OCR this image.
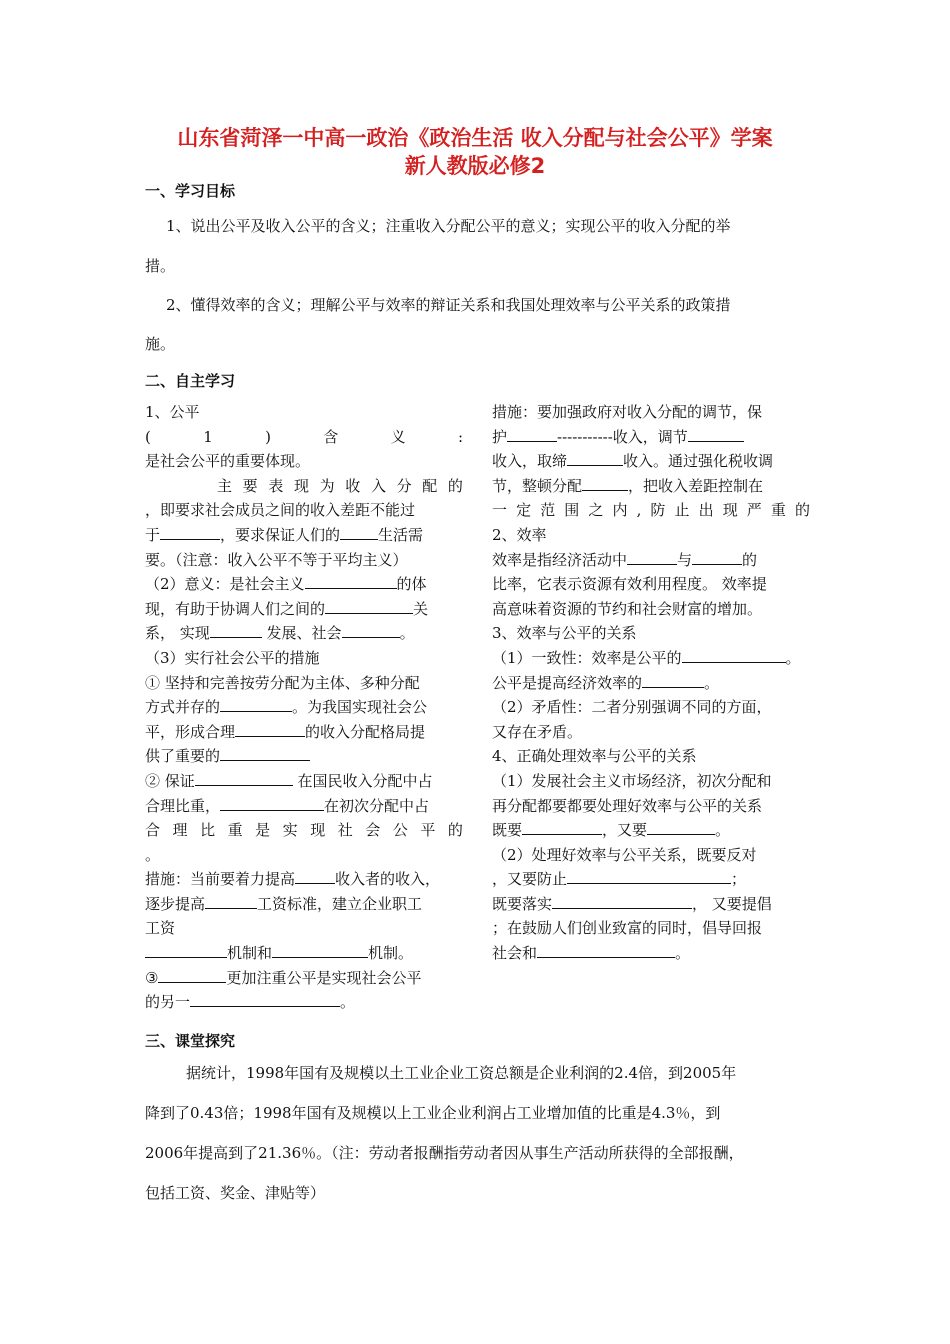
山东省菏泽一中高一政治《政治生活 收入分配与社会公平》学案
新人教版必修2
一、学习目标
1、说出公平及收入公平的含义；注重收入分配公平的意义；实现公平的收入分配的举
措。
2、懂得效率的含义；理解公平与效率的辩证关系和我国处理效率与公平关系的政策措
施。
二、自主学习
1、公平
(	1	)	含	义	:
是社会公平的重要体现。
主 要 表 现 为 收 入 分 配 的
，即要求社会成员之间的收入差距不能过
于	，要求保证人们的	生活需
要。（注意：收入公平不等于平均主义）
（2）意义：是社会主义	的体
现，有助于协调人们之间的	关
系， 实现	发展、社会	。
（3）实行社会公平的措施
① 坚持和完善按劳分配为主体、多种分配
方式并存的	。为我国实现社会公
平，形成合理	的收入分配格局提
供了重要的
② 保证	在国民收入分配中占
合理比重，	在初次分配中占
合 理 比 重 是 实 现 社 会 公 平 的
。
措施：当前要着力提高	收入者的收入，
逐步提高	工资标准，建立企业职工
工资
机制和	机制。
③	更加注重公平是实现社会公平
的另一	。
措施：要加强政府对收入分配的调节，保
护	-----------收入，调节
收入，取缔	收入。通过强化税收调
节，整顿分配	，把收入差距控制在
一 定 范 围 之 内 , 防 止 出 现 严 重 的
2、效率
效率是指经济活动中	与	的
比率，它表示资源有效利用程度。 效率提
高意味着资源的节约和社会财富的增加。
3、效率与公平的关系
（1）一致性：效率是公平的	。
公平是提高经济效率的	。
（2）矛盾性：二者分别强调不同的方面，
又存在矛盾。
4、正确处理效率与公平的关系
（1）发展社会主义市场经济，初次分配和
再分配都要都要处理好效率与公平的关系
既要	，又要	。
（2）处理好效率与公平关系，既要反对
，又要防止	；
既要落实	， 又要提倡
；在鼓励人们创业致富的同时，倡导回报
社会和	。
三、课堂探究
据统计，1998年国有及规模以土工业企业工资总额是企业利润的2.4倍，到2005年
降到了0.43倍；1998年国有及规模以上工业企业利润占工业增加值的比重是4.3％，到
2006年提高到了21.36％。（注：劳动者报酬指劳动者因从事生产活动所获得的全部报酬，
包括工资、奖金、津贴等）
